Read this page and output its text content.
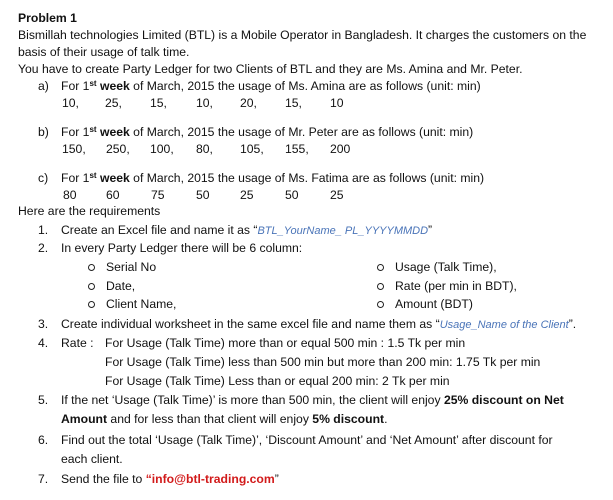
Problem 1
Bismillah technologies Limited (BTL) is a Mobile Operator in Bangladesh. It charges the customers on the
basis of their usage of talk time.
You have to create Party Ledger for two Clients of BTL and they are Ms. Amina and Mr. Peter.
a) For 1st week of March, 2015 the usage of Ms. Amina are as follows (unit: min)
10, 25, 15, 10, 20, 15, 10
b) For 1st week of March, 2015 the usage of Mr. Peter are as follows (unit: min)
150, 250, 100, 80, 105, 155, 200
c) For 1st week of March, 2015 the usage of Ms. Fatima are as follows (unit: min)
80 60	75	50 25	50	25
Here are the requirements
1. Create an Excel file and name it as “BTL_YourName_ PL_YYYYMMDD”
2. In every Party Ledger there will be 6 column:
Serial No
Date,
Client Name,
Usage (Talk Time),
Rate (per min in BDT),
Amount (BDT)
3. Create individual worksheet in the same excel file and name them as “Usage_Name of the Client”.
4. Rate : For Usage (Talk Time) more than or equal 500 min : 1.5 Tk per min
For Usage (Talk Time) less than 500 min but more than 200 min: 1.75 Tk per min
For Usage (Talk Time) Less than or equal 200 min: 2 Tk per min
5. If the net ‘Usage (Talk Time)’ is more than 500 min, the client will enjoy 25% discount on Net
Amount and for less than that client will enjoy 5% discount.
6. Find out the total ‘Usage (Talk Time)’, ‘Discount Amount’ and ‘Net Amount’ after discount for
each client.
7. Send the file to “info@btl-trading.com”
